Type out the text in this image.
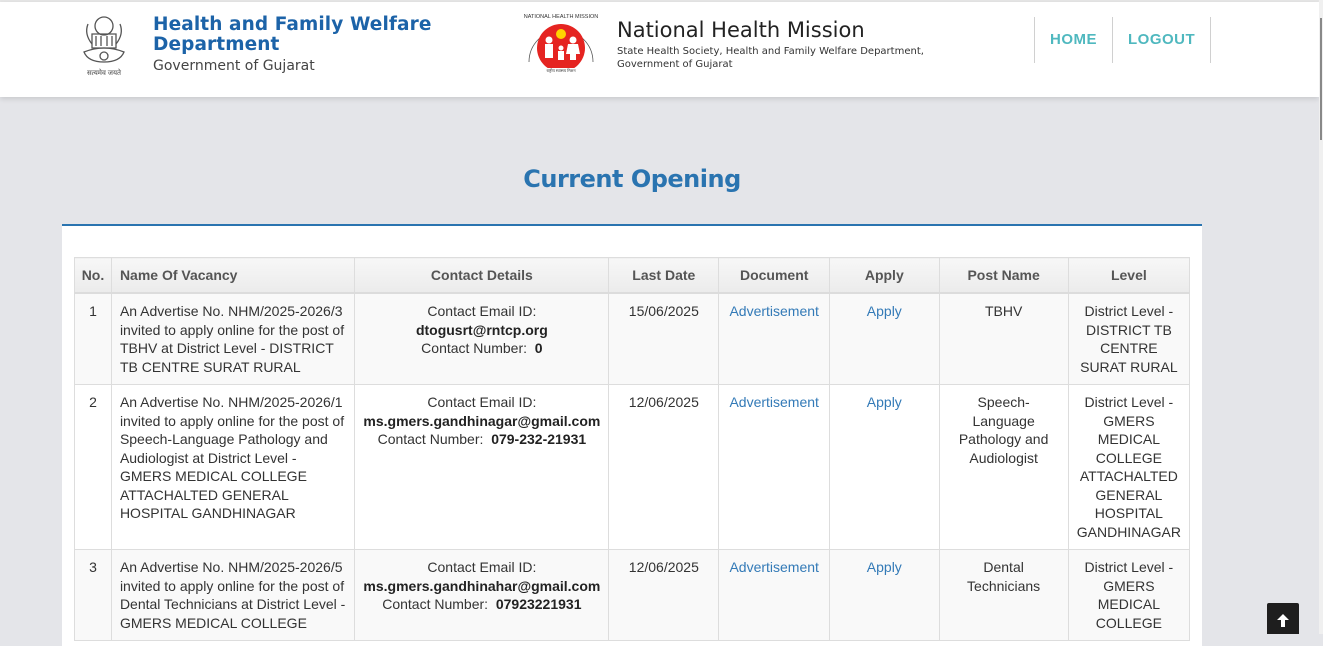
सत्यमेव जयते
Health and Family Welfare
Department
Government of Gujarat	राष्ट्रीय स्वास्थ्य मिशन
NATIONAL HEALTH MISSION
National Health Mission
State Health Society, Health and Family Welfare Department,
Government of Gujarat
HOME	LOGOUT
Current Opening
No.	Name Of Vacancy	Contact Details	Last Date	Document	Apply	Post Name	Level
1	An Advertise No. NHM/2025-2026/3 invited to apply online for the post of TBHV at District Level - DISTRICT TB CENTRE SURAT RURAL	Contact Email ID:
dtogusrt@rntcp.org
Contact Number: 0	15/06/2025	Advertisement	Apply	TBHV	District Level - DISTRICT TB CENTRE SURAT RURAL
2	An Advertise No. NHM/2025-2026/1 invited to apply online for the post of Speech-Language Pathology and Audiologist at District Level - GMERS MEDICAL COLLEGE ATTACHALTED GENERAL HOSPITAL GANDHINAGAR	Contact Email ID:
ms.gmers.gandhinagar@gmail.com
Contact Number: 079-232-21931	12/06/2025	Advertisement	Apply	Speech-Language Pathology and Audiologist	District Level - GMERS MEDICAL COLLEGE ATTACHALTED GENERAL HOSPITAL GANDHINAGAR
3	An Advertise No. NHM/2025-2026/5 invited to apply online for the post of Dental Technicians at District Level - GMERS MEDICAL COLLEGE	Contact Email ID:
ms.gmers.gandhinahar@gmail.com
Contact Number: 07923221931	12/06/2025	Advertisement	Apply	Dental Technicians	District Level - GMERS MEDICAL COLLEGE
